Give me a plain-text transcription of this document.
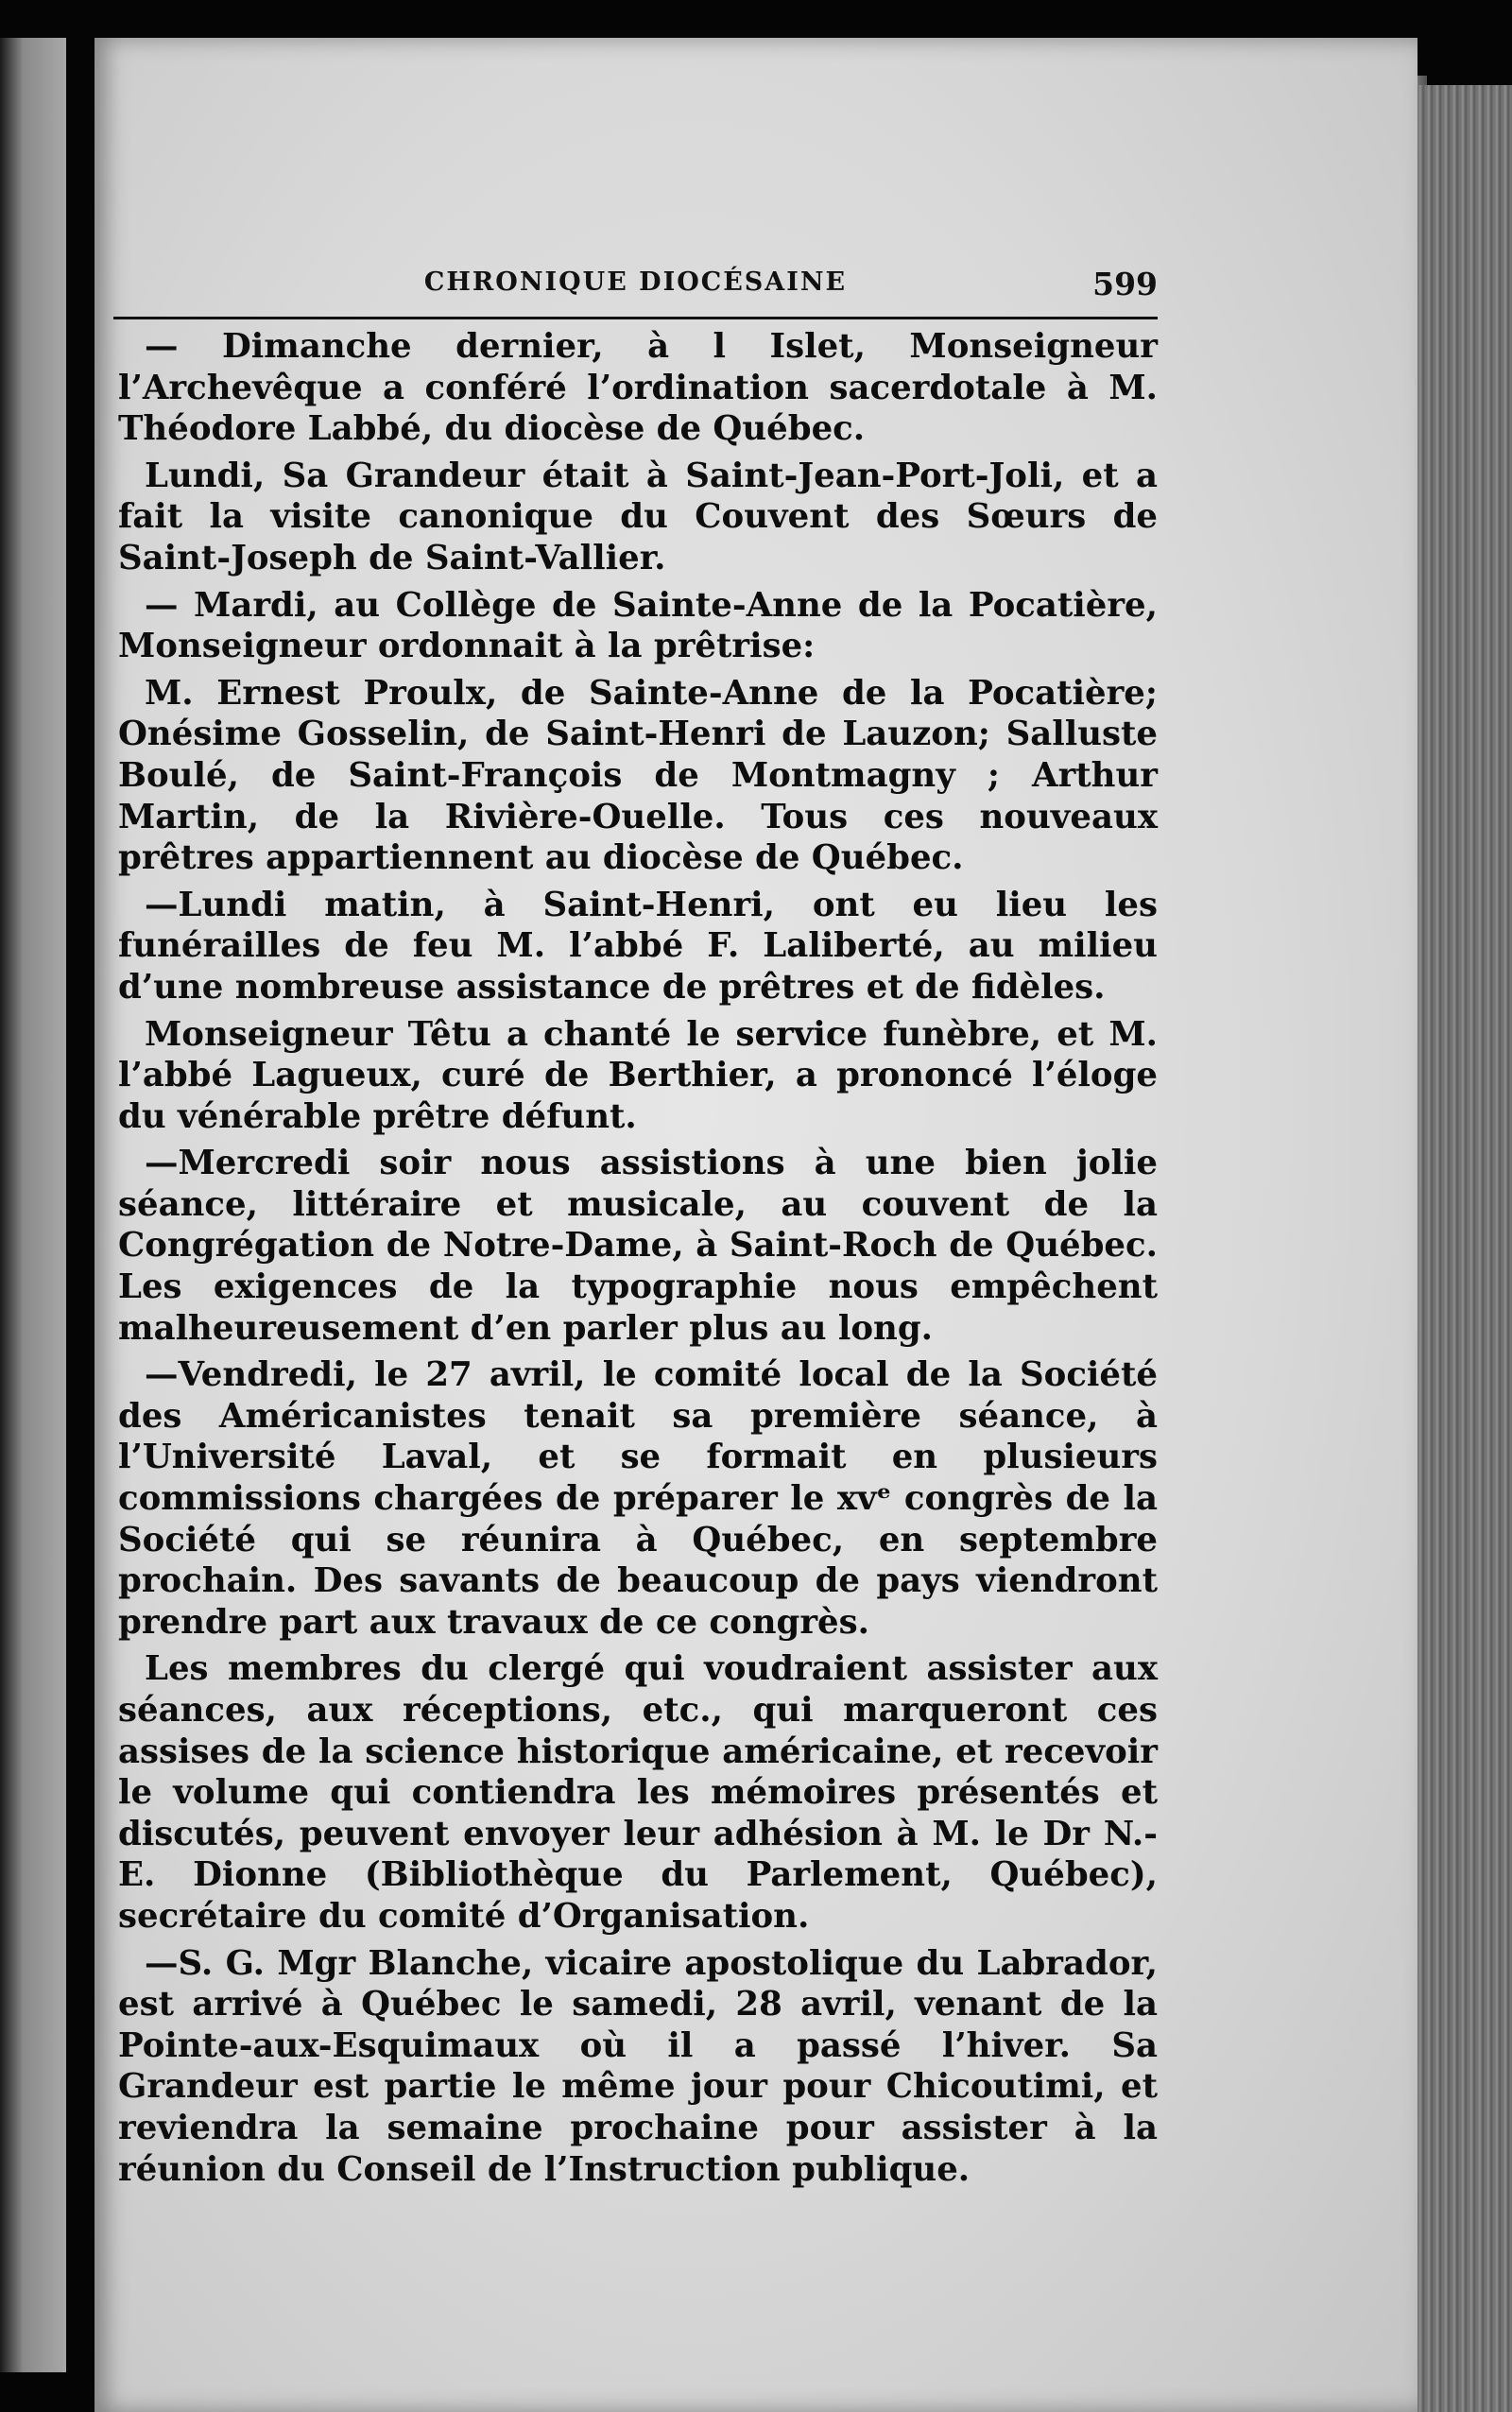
CHRONIQUE DIOCÉSAINE	599

— Dimanche dernier, à l Islet, Monseigneur l’Archevêque a conféré l’ordination sacerdotale à M. Théodore Labbé, du diocèse de Québec.

Lundi, Sa Grandeur était à Saint-Jean-Port-Joli, et a fait la visite canonique du Couvent des Sœurs de Saint-Joseph de Saint-Vallier.

— Mardi, au Collège de Sainte-Anne de la Pocatière, Monseigneur ordonnait à la prêtrise:

M. Ernest Proulx, de Sainte-Anne de la Pocatière; Onésime Gosselin, de Saint-Henri de Lauzon; Salluste Boulé, de Saint-François de Montmagny ; Arthur Martin, de la Rivière-Ouelle. Tous ces nouveaux prêtres appartiennent au diocèse de Québec.

—Lundi matin, à Saint-Henri, ont eu lieu les funérailles de feu M. l’abbé F. Laliberté, au milieu d’une nombreuse assistance de prêtres et de fidèles.

Monseigneur Têtu a chanté le service funèbre, et M. l’abbé Lagueux, curé de Berthier, a prononcé l’éloge du vénérable prêtre défunt.

—Mercredi soir nous assistions à une bien jolie séance, littéraire et musicale, au couvent de la Congrégation de Notre-Dame, à Saint-Roch de Québec. Les exigences de la typographie nous empêchent malheureusement d’en parler plus au long.

—Vendredi, le 27 avril, le comité local de la Société des Américanistes tenait sa première séance, à l’Université Laval, et se formait en plusieurs commissions chargées de préparer le xvᵉ congrès de la Société qui se réunira à Québec, en septembre prochain. Des savants de beaucoup de pays viendront prendre part aux travaux de ce congrès.

Les membres du clergé qui voudraient assister aux séances, aux réceptions, etc., qui marqueront ces assises de la science historique américaine, et recevoir le volume qui contiendra les mémoires présentés et discutés, peuvent envoyer leur adhésion à M. le Dr N.-E. Dionne (Bibliothèque du Parlement, Québec), secrétaire du comité d’Organisation.

—S. G. Mgr Blanche, vicaire apostolique du Labrador, est arrivé à Québec le samedi, 28 avril, venant de la Pointe-aux-Esquimaux où il a passé l’hiver. Sa Grandeur est partie le même jour pour Chicoutimi, et reviendra la semaine prochaine pour assister à la réunion du Conseil de l’Instruction publique.
